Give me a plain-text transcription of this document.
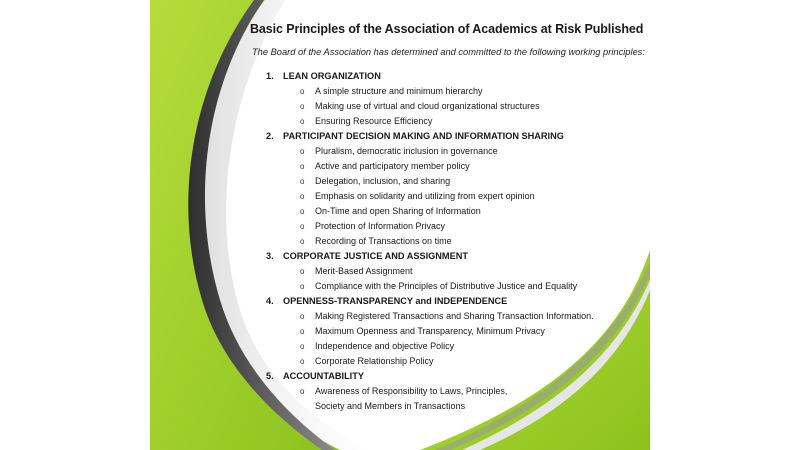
Basic Principles of the Association of Academics at Risk Published
The Board of the Association has determined and committed to the following working principles:
1. LEAN ORGANIZATION
o A simple structure and minimum hierarchy
o Making use of virtual and cloud organizational structures
o Ensuring Resource Efficiency
2. PARTICIPANT DECISION MAKING AND INFORMATION SHARING
o Pluralism, democratic inclusion in governance
o Active and participatory member policy
o Delegation, inclusion, and sharing
o Emphasis on solidarity and utilizing from expert opinion
o On-Time and open Sharing of Information
o Protection of Information Privacy
o Recording of Transactions on time
3. CORPORATE JUSTICE AND ASSIGNMENT
o Merit-Based Assignment
o Compliance with the Principles of Distributive Justice and Equality
4. OPENNESS-TRANSPARENCY and INDEPENDENCE
o Making Registered Transactions and Sharing Transaction Information.
o Maximum Openness and Transparency, Minimum Privacy
o Independence and objective Policy
o Corporate Relationship Policy
5. ACCOUNTABILITY
o Awareness of Responsibility to Laws, Principles,
Society and Members in Transactions
